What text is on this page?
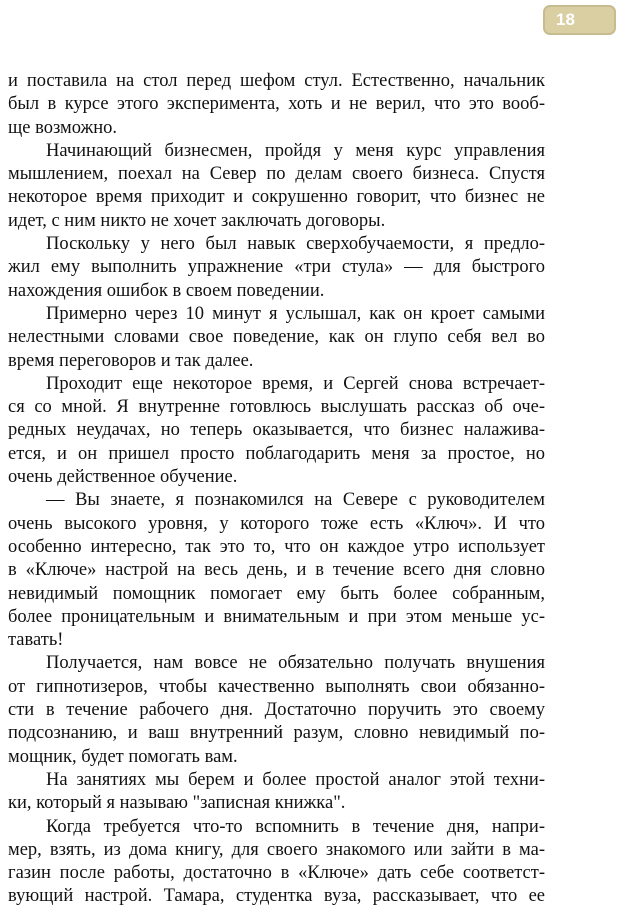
18
и поставила на стол перед шефом стул. Естественно, начальник
был в курсе этого эксперимента, хоть и не верил, что это вооб-
ще возможно.
Начинающий бизнесмен, пройдя у меня курс управления
мышлением, поехал на Север по делам своего бизнеса. Спустя
некоторое время приходит и сокрушенно говорит, что бизнес не
идет, с ним никто не хочет заключать договоры.
Поскольку у него был навык сверхобучаемости, я предло-
жил ему выполнить упражнение «три стула» — для быстрого
нахождения ошибок в своем поведении.
Примерно через 10 минут я услышал, как он кроет самыми
нелестными словами свое поведение, как он глупо себя вел во
время переговоров и так далее.
Проходит еще некоторое время, и Сергей снова встречает-
ся со мной. Я внутренне готовлюсь выслушать рассказ об оче-
редных неудачах, но теперь оказывается, что бизнес налажива-
ется, и он пришел просто поблагодарить меня за простое, но
очень действенное обучение.
— Вы знаете, я познакомился на Севере с руководителем
очень высокого уровня, у которого тоже есть «Ключ». И что
особенно интересно, так это то, что он каждое утро использует
в «Ключе» настрой на весь день, и в течение всего дня словно
невидимый помощник помогает ему быть более собранным,
более проницательным и внимательным и при этом меньше ус-
тавать!
Получается, нам вовсе не обязательно получать внушения
от гипнотизеров, чтобы качественно выполнять свои обязанно-
сти в течение рабочего дня. Достаточно поручить это своему
подсознанию, и ваш внутренний разум, словно невидимый по-
мощник, будет помогать вам.
На занятиях мы берем и более простой аналог этой техни-
ки, который я называю "записная книжка".
Когда требуется что-то вспомнить в течение дня, напри-
мер, взять, из дома книгу, для своего знакомого или зайти в ма-
газин после работы, достаточно в «Ключе» дать себе соответст-
вующий настрой. Тамара, студентка вуза, рассказывает, что ее
